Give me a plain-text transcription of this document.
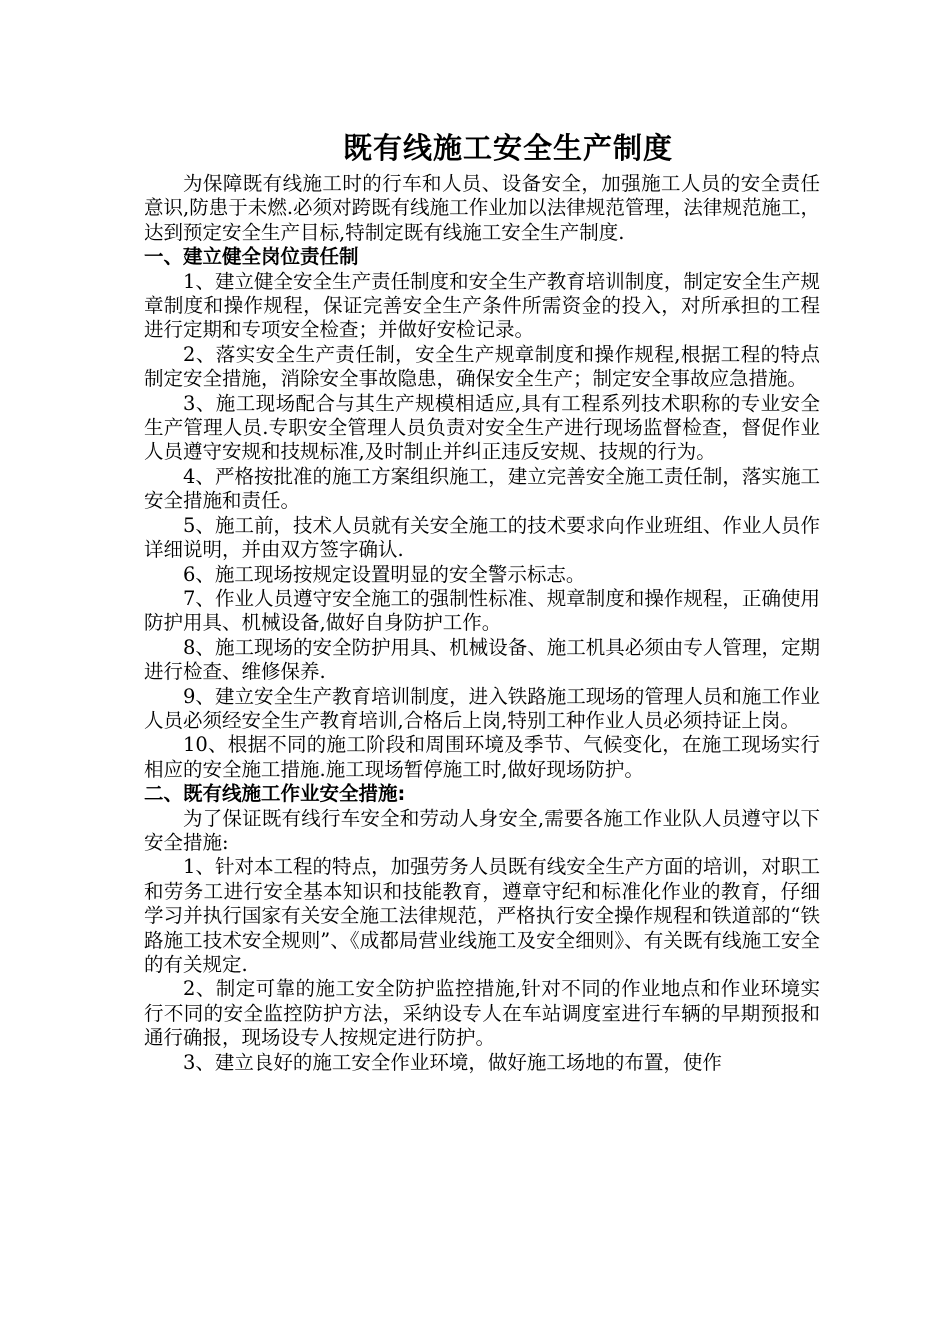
既有线施工安全生产制度

为保障既有线施工时的行车和人员、设备安全，加强施工人员的安全责任意识,防患于未燃.必须对跨既有线施工作业加以法律规范管理，法律规范施工，达到预定安全生产目标,特制定既有线施工安全生产制度.

一、建立健全岗位责任制

1、建立健全安全生产责任制度和安全生产教育培训制度，制定安全生产规章制度和操作规程，保证完善安全生产条件所需资金的投入，对所承担的工程进行定期和专项安全检查；并做好安检记录。

2、落实安全生产责任制，安全生产规章制度和操作规程,根据工程的特点制定安全措施，消除安全事故隐患，确保安全生产；制定安全事故应急措施。

3、施工现场配合与其生产规模相适应,具有工程系列技术职称的专业安全生产管理人员.专职安全管理人员负责对安全生产进行现场监督检查，督促作业人员遵守安规和技规标准,及时制止并纠正违反安规、技规的行为。

4、严格按批准的施工方案组织施工，建立完善安全施工责任制，落实施工安全措施和责任。

5、施工前，技术人员就有关安全施工的技术要求向作业班组、作业人员作详细说明，并由双方签字确认.

6、施工现场按规定设置明显的安全警示标志。

7、作业人员遵守安全施工的强制性标准、规章制度和操作规程，正确使用防护用具、机械设备,做好自身防护工作。

8、施工现场的安全防护用具、机械设备、施工机具必须由专人管理，定期进行检查、维修保养.

9、建立安全生产教育培训制度，进入铁路施工现场的管理人员和施工作业人员必须经安全生产教育培训,合格后上岗,特别工种作业人员必须持证上岗。

10、根据不同的施工阶段和周围环境及季节、气候变化，在施工现场实行相应的安全施工措施.施工现场暂停施工时,做好现场防护。

二、既有线施工作业安全措施:

为了保证既有线行车安全和劳动人身安全,需要各施工作业队人员遵守以下安全措施:

1、针对本工程的特点，加强劳务人员既有线安全生产方面的培训，对职工和劳务工进行安全基本知识和技能教育，遵章守纪和标准化作业的教育，仔细学习并执行国家有关安全施工法律规范，严格执行安全操作规程和铁道部的“铁路施工技术安全规则”、《成都局营业线施工及安全细则》、有关既有线施工安全的有关规定.

2、制定可靠的施工安全防护监控措施,针对不同的作业地点和作业环境实行不同的安全监控防护方法，采纳设专人在车站调度室进行车辆的早期预报和通行确报，现场设专人按规定进行防护。

3、建立良好的施工安全作业环境，做好施工场地的布置，使作
